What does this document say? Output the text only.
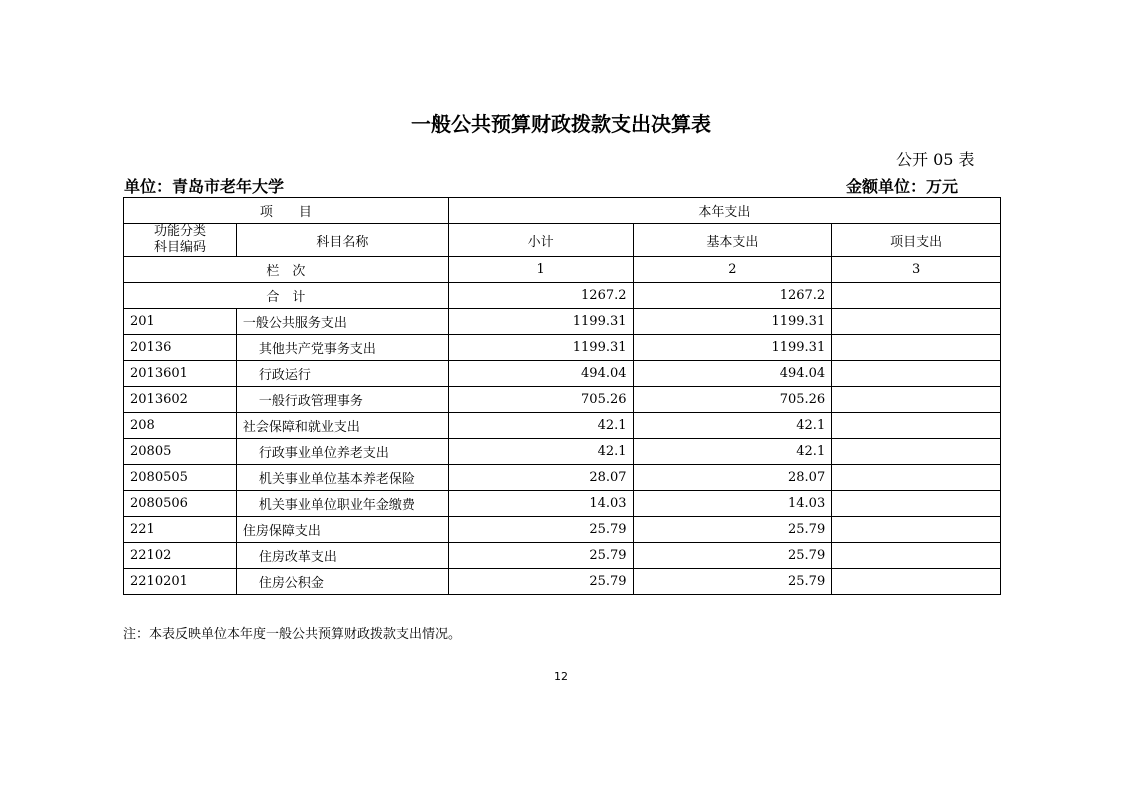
一般公共预算财政拨款支出决算表
公开 05 表
单位：青岛市老年大学	金额单位：万元
项　　目		本年支出		

功能分类
科目编码	科目名称	小计	基本支出	项目支出
栏　次		1	2	3
合　计		1267.2	1267.2	
201	一般公共服务支出	1199.31	1199.31	
20136	其他共产党事务支出	1199.31	1199.31	
2013601	行政运行	494.04	494.04	
2013602	一般行政管理事务	705.26	705.26	
208	社会保障和就业支出	42.1	42.1	
20805	行政事业单位养老支出	42.1	42.1	
2080505	机关事业单位基本养老保险	28.07	28.07	
2080506	机关事业单位职业年金缴费	14.03	14.03	
221	住房保障支出	25.79	25.79	
22102	住房改革支出	25.79	25.79	
2210201	住房公积金	25.79	25.79	
注：本表反映单位本年度一般公共预算财政拨款支出情况。
12
